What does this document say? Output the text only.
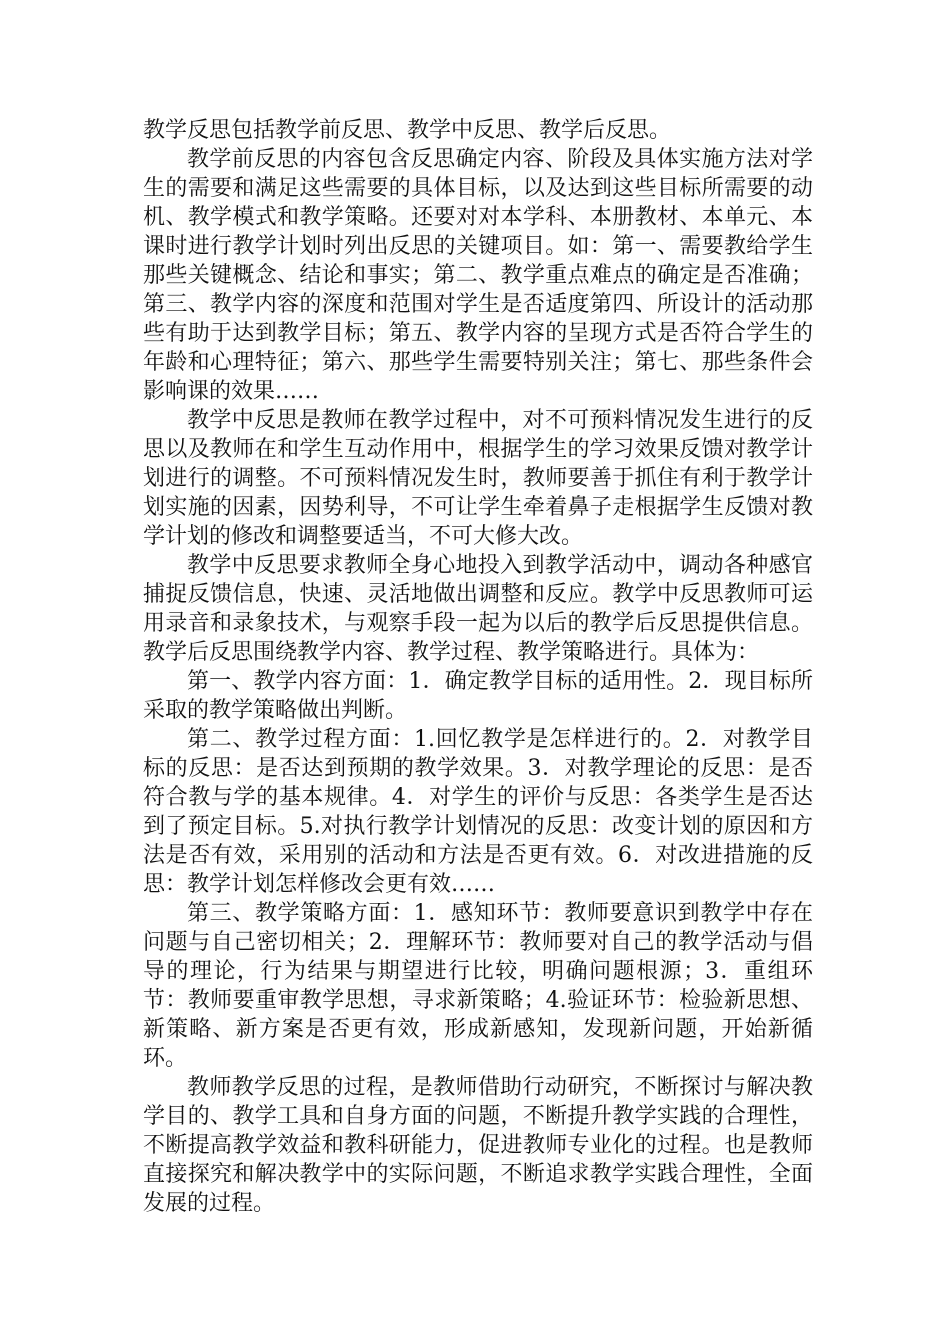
教学反思包括教学前反思、教学中反思、教学后反思。

教学前反思的内容包含反思确定内容、阶段及具体实施方法对学生的需要和满足这些需要的具体目标，以及达到这些目标所需要的动机、教学模式和教学策略。还要对对本学科、本册教材、本单元、本课时进行教学计划时列出反思的关键项目。如：第一、需要教给学生那些关键概念、结论和事实；第二、教学重点难点的确定是否准确；第三、教学内容的深度和范围对学生是否适度第四、所设计的活动那些有助于达到教学目标；第五、教学内容的呈现方式是否符合学生的年龄和心理特征；第六、那些学生需要特别关注；第七、那些条件会影响课的效果……

教学中反思是教师在教学过程中，对不可预料情况发生进行的反思以及教师在和学生互动作用中，根据学生的学习效果反馈对教学计划进行的调整。不可预料情况发生时，教师要善于抓住有利于教学计划实施的因素，因势利导，不可让学生牵着鼻子走根据学生反馈对教学计划的修改和调整要适当，不可大修大改。

教学中反思要求教师全身心地投入到教学活动中，调动各种感官捕捉反馈信息，快速、灵活地做出调整和反应。教学中反思教师可运用录音和录象技术，与观察手段一起为以后的教学后反思提供信息。教学后反思围绕教学内容、教学过程、教学策略进行。具体为：

第一、教学内容方面：1．确定教学目标的适用性。2．现目标所采取的教学策略做出判断。

第二、教学过程方面：1.回忆教学是怎样进行的。2．对教学目标的反思：是否达到预期的教学效果。3．对教学理论的反思：是否符合教与学的基本规律。4．对学生的评价与反思：各类学生是否达到了预定目标。5.对执行教学计划情况的反思：改变计划的原因和方法是否有效，采用别的活动和方法是否更有效。6．对改进措施的反思：教学计划怎样修改会更有效……

第三、教学策略方面：1．感知环节：教师要意识到教学中存在问题与自己密切相关；2．理解环节：教师要对自己的教学活动与倡导的理论，行为结果与期望进行比较，明确问题根源；3．重组环节：教师要重审教学思想，寻求新策略；4.验证环节：检验新思想、新策略、新方案是否更有效，形成新感知，发现新问题，开始新循环。

教师教学反思的过程，是教师借助行动研究，不断探讨与解决教学目的、教学工具和自身方面的问题，不断提升教学实践的合理性，不断提高教学效益和教科研能力，促进教师专业化的过程。也是教师直接探究和解决教学中的实际问题，不断追求教学实践合理性，全面发展的过程。
